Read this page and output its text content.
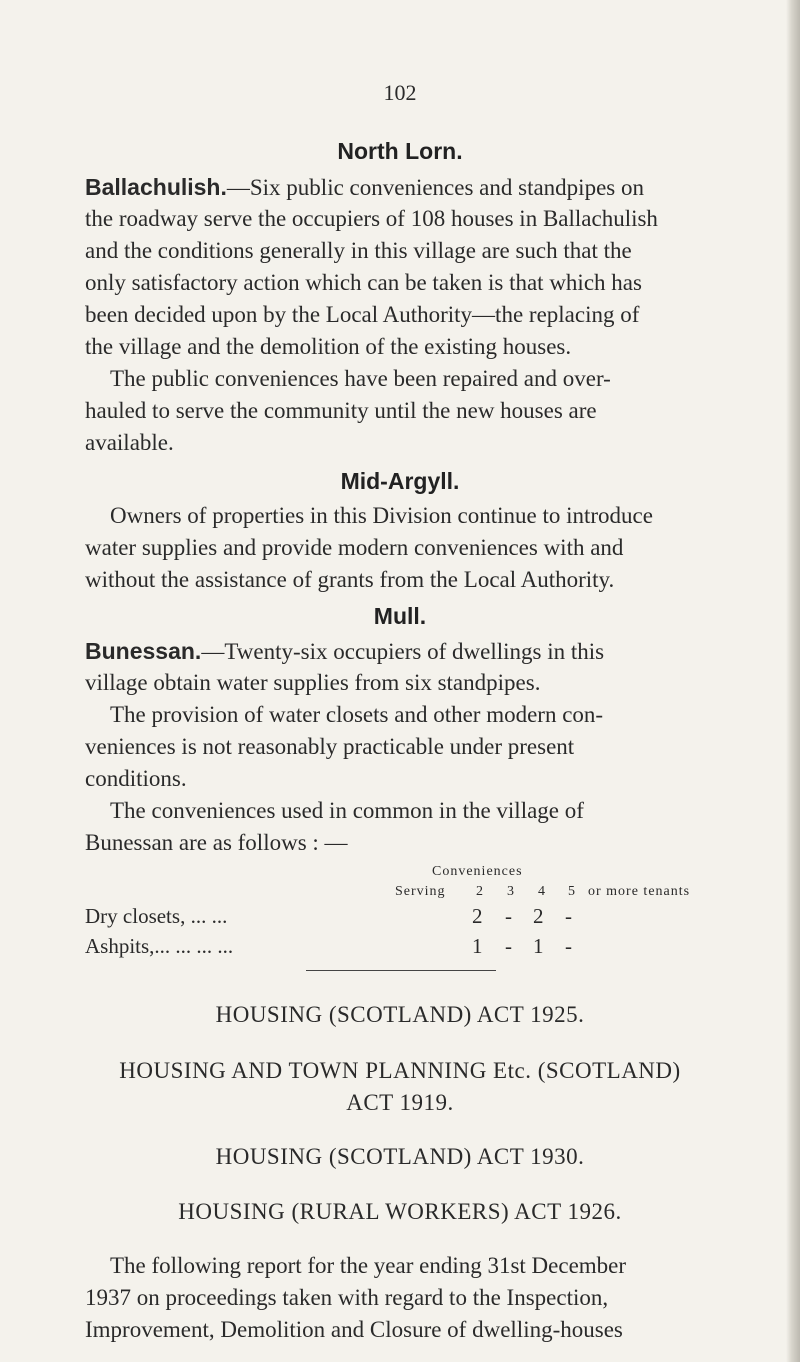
102
North Lorn.
Ballachulish.—Six public conveniences and standpipes on
the roadway serve the occupiers of 108 houses in Ballachulish
and the conditions generally in this village are such that the
only satisfactory action which can be taken is that which has
been decided upon by the Local Authority—the replacing of
the village and the demolition of the existing houses.
The public conveniences have been repaired and over-
hauled to serve the community until the new houses are
available.
Mid-Argyll.
Owners of properties in this Division continue to introduce
water supplies and provide modern conveniences with and
without the assistance of grants from the Local Authority.
Mull.
Bunessan.—Twenty-six occupiers of dwellings in this
village obtain water supplies from six standpipes.
The provision of water closets and other modern con-
veniences is not reasonably practicable under present
conditions.
The conveniences used in common in the village of
Bunessan are as follows : —
Conveniences
Serving 2 3 4 5 or more tenants
Dry closets, ... ...	2 - 2 -
Ashpits,... ... ... ...	1 - 1 -
HOUSING (SCOTLAND) ACT 1925.
HOUSING AND TOWN PLANNING Etc. (SCOTLAND)
ACT 1919.
HOUSING (SCOTLAND) ACT 1930.
HOUSING (RURAL WORKERS) ACT 1926.
The following report for the year ending 31st December
1937 on proceedings taken with regard to the Inspection,
Improvement, Demolition and Closure of dwelling-houses
